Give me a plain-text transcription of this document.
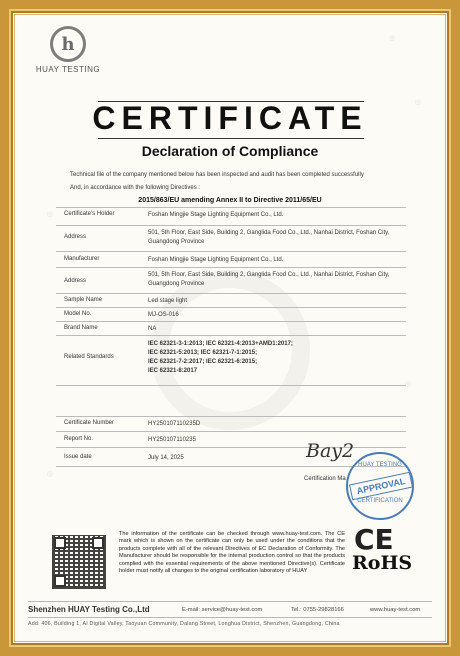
◎
◎
◎
◎
◎
h
HUAY TESTING
CERTIFICATE
Declaration of Compliance
Technical file of the company mentioned below has been inspected and audit has been completed successfully
And, in accordance with the following Directives :
2015/863/EU amending Annex II to Directive 2011/65/EU
Certificate's Holder	Foshan Mingjie Stage Lighting Equipment Co., Ltd.
Address
501, 5th Floor, East Side, Building 2, Ganglida Food Co., Ltd., Nanhai District, Foshan City, Guangdong Province
Manufacturer	Foshan Mingjie Stage Lighting Equipment Co., Ltd.
Address
501, 5th Floor, East Side, Building 2, Ganglida Food Co., Ltd., Nanhai District, Foshan City, Guangdong Province
Sample Name	Led stage light
Model No.	MJ-OS-016
Brand Name	NA
Related Standards
IEC 62321-3-1:2013; IEC 62321-4:2013+AMD1:2017;
IEC 62321-5:2013; IEC 62321-7-1:2015;
IEC 62321-7-2:2017; IEC 62321-6:2015;
IEC 62321-8:2017
Certificate Number	HY250107110235D
Report No.	HY250107110235
Issue date	July 14, 2025	Bay2
Certification Ma
HUAY TESTING
APPROVAL
CERTIFICATION
The information of the certificate can be checked through www.huay-test.com. The CE mark which is shown on the certificate can only be used under the conditions that the products complete with all of the relevant Directives of EC Declaration of Conformity. The Manufacturer should be responsible for the internal production control so that the products complied with the essential requirements of the above mentioned Directive(s). Certificate holder must notify all changes to the original certification laboratory of HUAY
CE
RoHS
Shenzhen HUAY Testing Co.,Ltd	E-mail: service@huay-test.com	Tel.: 0755-29828166	www.huay-test.com
Add: 406, Building 1, AI Digital Valley, Taoyuan Community, Dalang Street, Longhua District, Shenzhen, Guangdong, China
